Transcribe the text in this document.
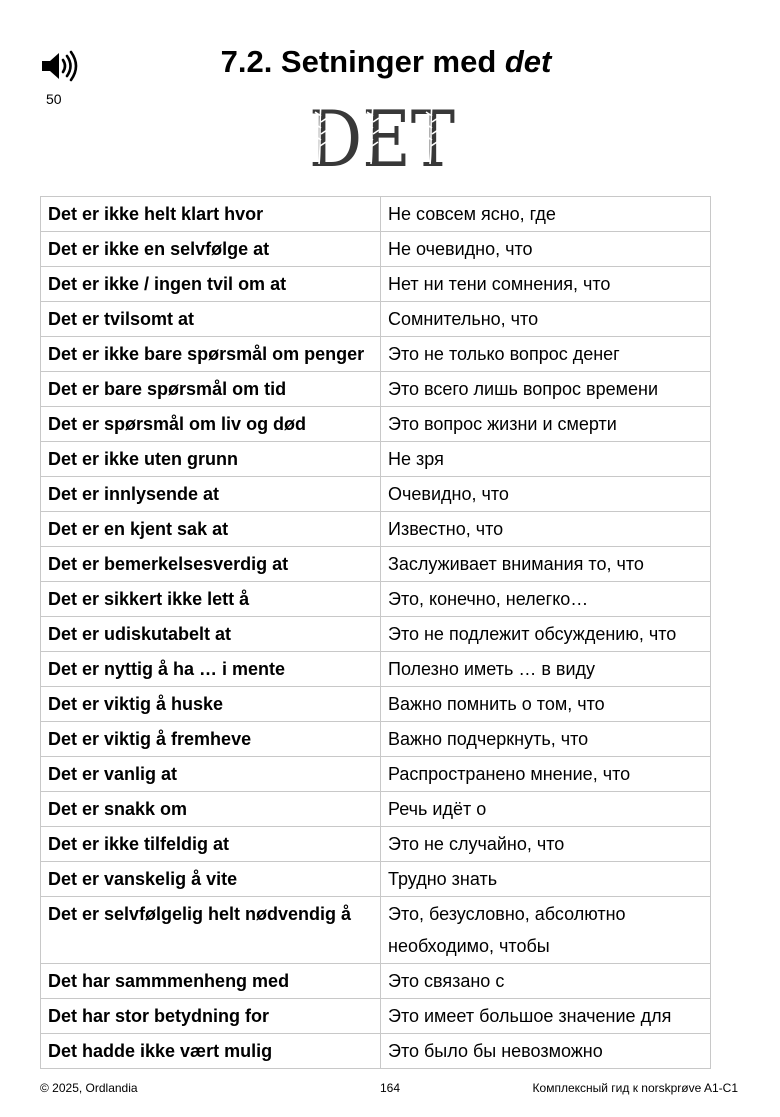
50
7.2. Setninger med det
DET
Det er ikke helt klart hvor	Не совсем ясно, где
Det er ikke en selvfølge at	Не очевидно, что
Det er ikke / ingen tvil om at	Нет ни тени сомнения, что
Det er tvilsomt at	Сомнительно, что
Det er ikke bare spørsmål om penger	Это не только вопрос денег
Det er bare spørsmål om tid	Это всего лишь вопрос времени
Det er spørsmål om liv og død	Это вопрос жизни и смерти
Det er ikke uten grunn	Не зря
Det er innlysende at	Очевидно, что
Det er en kjent sak at	Известно, что
Det er bemerkelsesverdig at	Заслуживает внимания то, что
Det er sikkert ikke lett å	Это, конечно, нелегко…
Det er udiskutabelt at	Это не подлежит обсуждению, что
Det er nyttig å ha … i mente	Полезно иметь … в виду
Det er viktig å huske	Важно помнить о том, что
Det er viktig å fremheve	Важно подчеркнуть, что
Det er vanlig at	Распространено мнение, что
Det er snakk om	Речь идёт о
Det er ikke tilfeldig at	Это не случайно, что
Det er vanskelig å vite	Трудно знать
Det er selvfølgelig helt nødvendig å	Это, безусловно, абсолютно необходимо, чтобы
Det har sammmenheng med	Это связано с
Det har stor betydning for	Это имеет большое значение для
Det hadde ikke vært mulig	Это было бы невозможно
© 2025, Ordlandia	164	Комплексный гид к norskprøve A1-C1
